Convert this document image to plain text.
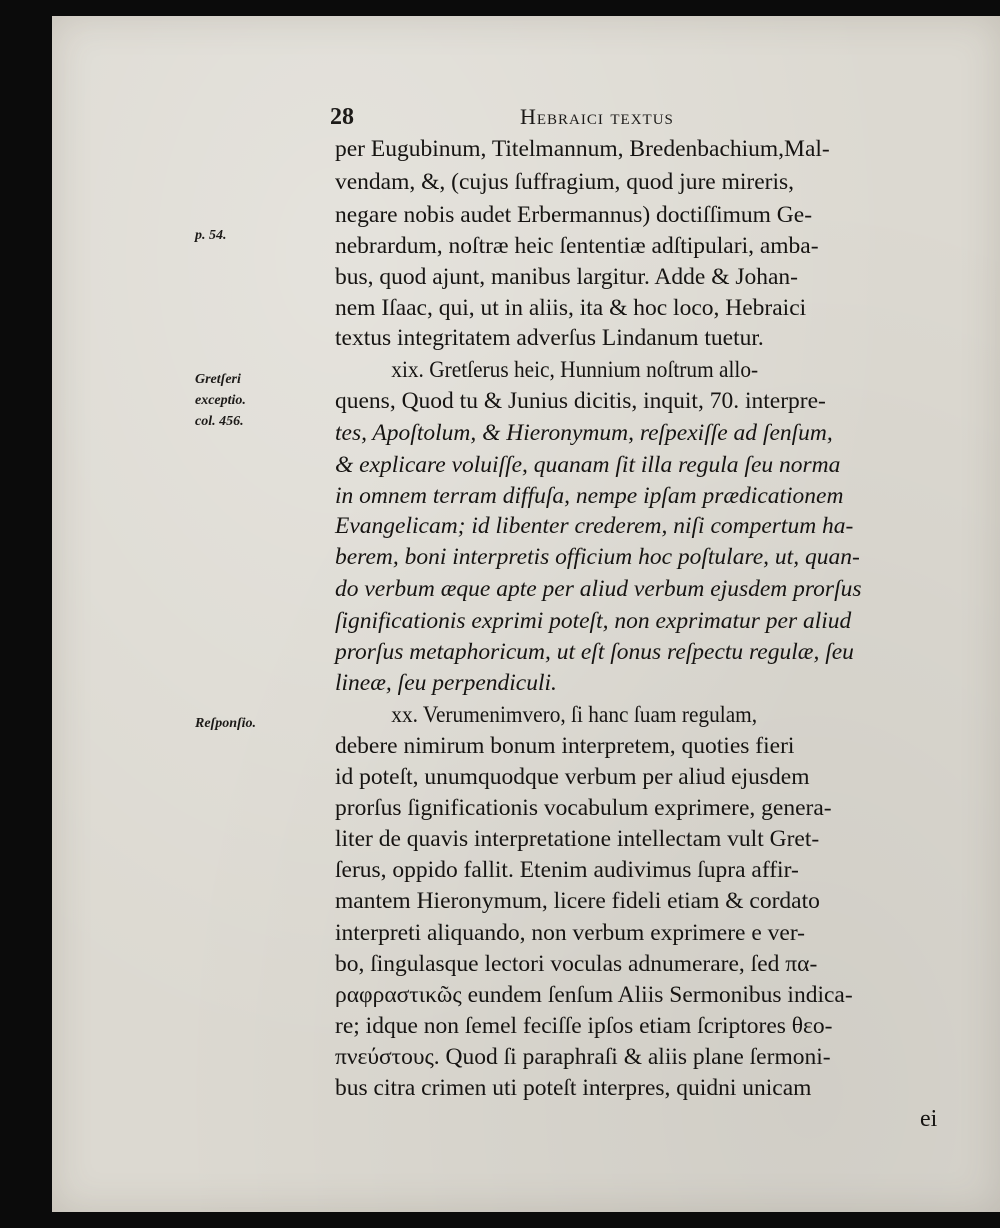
28	Hebraici textus
p. 54.
Gretſeri
exceptio.
col. 456.
Reſponſio.
per Eugubinum, Titelmannum, Bredenbachium,Mal-
vendam, &, (cujus ſuffragium, quod jure mireris,
negare nobis audet Erbermannus) doctiſſimum Ge-
nebrardum, noſtræ heic ſententiæ adſtipulari, amba-
bus, quod ajunt, manibus largitur. Adde & Johan-
nem Iſaac, qui, ut in aliis, ita & hoc loco, Hebraici
textus integritatem adverſus Lindanum tuetur.
xix. Gretſerus heic, Hunnium noſtrum allo-
quens, Quod tu & Junius dicitis, inquit, 70. interpre-
tes, Apoſtolum, & Hieronymum, reſpexiſſe ad ſenſum,
& explicare voluiſſe, quanam ſit illa regula ſeu norma
in omnem terram diffuſa, nempe ipſam prædicationem
Evangelicam; id libenter crederem, niſi compertum ha-
berem, boni interpretis officium hoc poſtulare, ut, quan-
do verbum æque apte per aliud verbum ejusdem prorſus
ſignificationis exprimi poteſt, non exprimatur per aliud
prorſus metaphoricum, ut eſt ſonus reſpectu regulæ, ſeu
lineæ, ſeu perpendiculi.
xx. Verumenimvero, ſi hanc ſuam regulam,
debere nimirum bonum interpretem, quoties fieri
id poteſt, unumquodque verbum per aliud ejusdem
prorſus ſignificationis vocabulum exprimere, genera-
liter de quavis interpretatione intellectam vult Gret-
ſerus, oppido fallit. Etenim audivimus ſupra affir-
mantem Hieronymum, licere fideli etiam & cordato
interpreti aliquando, non verbum exprimere e ver-
bo, ſingulasque lectori voculas adnumerare, ſed πα-
ραφραστικῶς eundem ſenſum Aliis Sermonibus indica-
re; idque non ſemel feciſſe ipſos etiam ſcriptores θεο-
πνεύστους. Quod ſi paraphraſi & aliis plane ſermoni-
bus citra crimen uti poteſt interpres, quidni unicam
ei
